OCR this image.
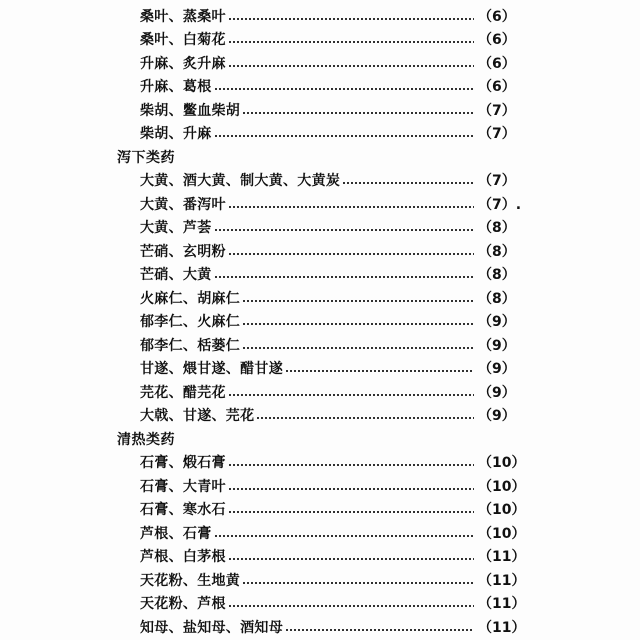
桑叶、蒸桑叶	（6）
桑叶、白菊花	（6）
升麻、炙升麻	（6）
升麻、葛根	（6）
柴胡、鳖血柴胡	（7）
柴胡、升麻	（7）
泻下类药
大黄、酒大黄、制大黄、大黄炭	（7）
大黄、番泻叶	（7）.
大黄、芦荟	（8）
芒硝、玄明粉	（8）
芒硝、大黄	（8）
火麻仁、胡麻仁	（8）
郁李仁、火麻仁	（9）
郁李仁、栝蒌仁	（9）
甘遂、煨甘遂、醋甘遂	（9）
芫花、醋芫花	（9）
大戟、甘遂、芫花	（9）
清热类药
石膏、煅石膏	（10）
石膏、大青叶	（10）
石膏、寒水石	（10）
芦根、石膏	（10）
芦根、白茅根	（11）
天花粉、生地黄	（11）
天花粉、芦根	（11）
知母、盐知母、酒知母	（11）
